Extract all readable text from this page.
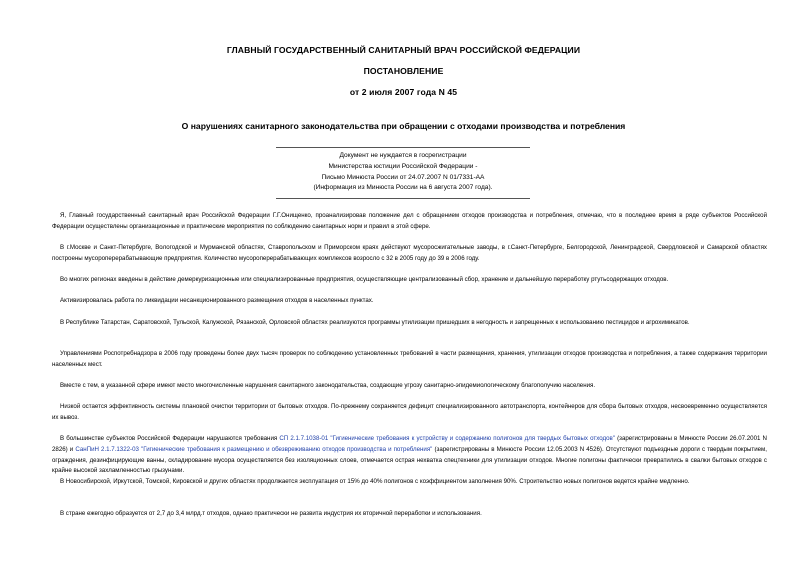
ГЛАВНЫЙ ГОСУДАРСТВЕННЫЙ САНИТАРНЫЙ ВРАЧ РОССИЙСКОЙ ФЕДЕРАЦИИ
ПОСТАНОВЛЕНИЕ
от 2 июля 2007 года N 45
О нарушениях санитарного законодательства при обращении с отходами производства и потребления
Документ не нуждается в госрегистрации
Министерства юстиции Российской Федерации -
Письмо Минюста России от 24.07.2007 N 01/7331-АА
(Информация из Минюста России на 6 августа 2007 года).

Я, Главный государственный санитарный врач Российской Федерации Г.Г.Онищенко, проанализировав положение дел с обращением отходов производства и потребления, отмечаю, что в последнее время в ряде субъектов Российской Федерации осуществлены организационные и практические мероприятия по соблюдению санитарных норм и правил в этой сфере.

В г.Москве и Санкт-Петербурге, Вологодской и Мурманской областях, Ставропольском и Приморском краях действуют мусоросжигательные заводы, в г.Санкт-Петербурге, Белгородской, Ленинградской, Свердловской и Самарской областях построены мусороперерабатывающие предприятия. Количество мусороперерабатывающих комплексов возросло с 32 в 2005 году до 39 в 2006 году.

Во многих регионах введены в действие демеркуризационные или специализированные предприятия, осуществляющие централизованный сбор, хранение и дальнейшую переработку ртутьсодержащих отходов.

Активизировалась работа по ликвидации несанкционированного размещения отходов в населенных пунктах.

В Республике Татарстан, Саратовской, Тульской, Калужской, Рязанской, Орловской областях реализуются программы утилизации пришедших в негодность и запрещенных к использованию пестицидов и агрохимикатов.

Управлениями Роспотребнадзора в 2006 году проведены более двух тысяч проверок по соблюдению установленных требований в части размещения, хранения, утилизации отходов производства и потребления, а также содержания территории населенных мест.

Вместе с тем, в указанной сфере имеют место многочисленные нарушения санитарного законодательства, создающие угрозу санитарно-эпидемиологическому благополучию населения.

Низкой остается эффективность системы плановой очистки территории от бытовых отходов. По-прежнему сохраняется дефицит специализированного автотранспорта, контейнеров для сбора бытовых отходов, несвоевременно осуществляется их вывоз.

В большинстве субъектов Российской Федерации нарушаются требования СП 2.1.7.1038-01 "Гигиенические требования к устройству и содержанию полигонов для твердых бытовых отходов" (зарегистрированы в Минюсте России 26.07.2001 N 2826) и СанПиН 2.1.7.1322-03 "Гигиенические требования к размещению и обезвреживанию отходов производства и потребления" (зарегистрированы в Минюсте России 12.05.2003 N 4526). Отсутствуют подъездные дороги с твердым покрытием, ограждения, дезинфицирующие ванны, складирование мусора осуществляется без изоляционных слоев, отмечается острая нехватка спецтехники для утилизации отходов. Многие полигоны фактически превратились в свалки бытовых отходов с крайне высокой захламленностью грызунами.

В Новосибирской, Иркутской, Томской, Кировской и других областях продолжается эксплуатация от 15% до 40% полигонов с коэффициентом заполнения 90%. Строительство новых полигонов ведется крайне медленно.

В стране ежегодно образуется от 2,7 до 3,4 млрд.т отходов, однако практически не развита индустрия их вторичной переработки и использования.
